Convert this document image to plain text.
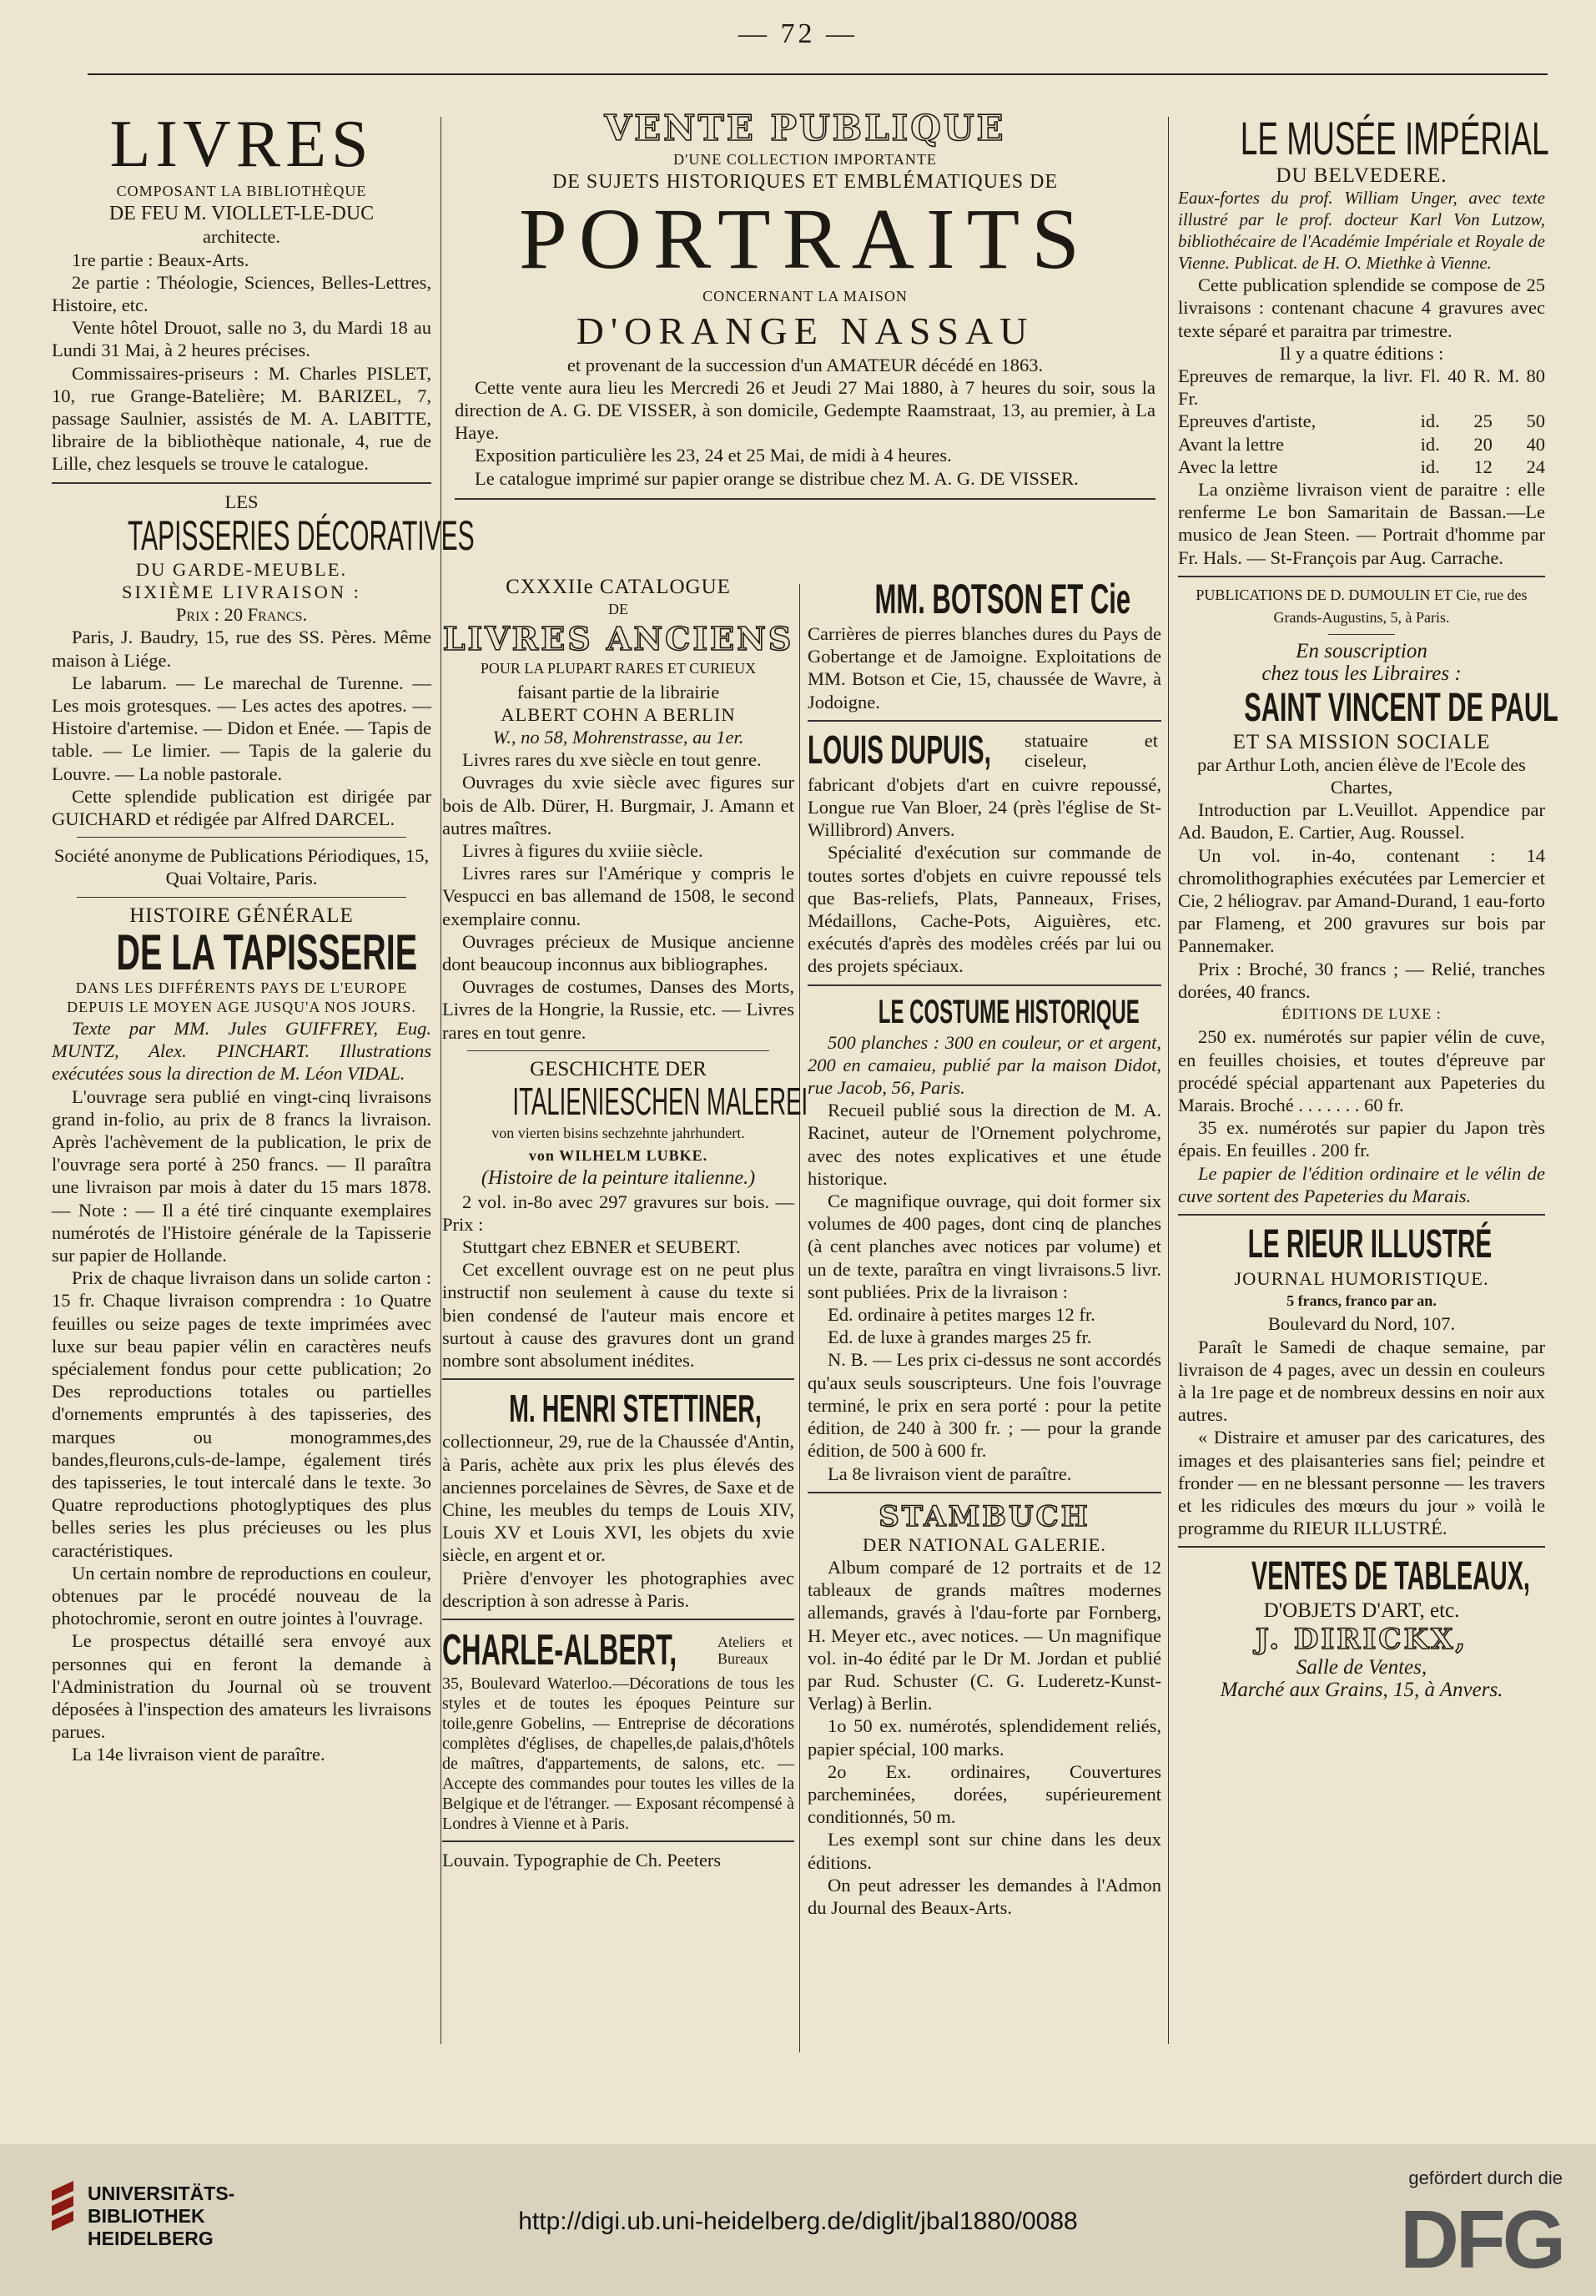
— 72 —
LIVRES
COMPOSANT LA BIBLIOTHÈQUE
DE FEU M. VIOLLET-LE-DUC
architecte.

1re partie : Beaux-Arts.

2e partie : Théologie, Sciences, Belles-Lettres, Histoire, etc.

Vente hôtel Drouot, salle no 3, du Mardi 18 au Lundi 31 Mai, à 2 heures précises.

Commissaires-priseurs : M. Charles PISLET, 10, rue Grange-Batelière; M. BARIZEL, 7, passage Saulnier, assistés de M. A. LABITTE, libraire de la bibliothèque nationale, 4, rue de Lille, chez lesquels se trouve le catalogue.

LES
TAPISSERIES DÉCORATIVES
DU GARDE-MEUBLE.
SIXIÈME LIVRAISON :
Prix : 20 Francs.

Paris, J. Baudry, 15, rue des SS. Pères. Même maison à Liége.

Le labarum. — Le marechal de Turenne. — Les mois grotesques. — Les actes des apotres. — Histoire d'artemise. — Didon et Enée. — Tapis de table. — Le limier. — Tapis de la galerie du Louvre. — La noble pastorale.

Cette splendide publication est dirigée par GUICHARD et rédigée par Alfred DARCEL.

Société anonyme de Publications Périodiques, 15, Quai Voltaire, Paris.

HISTOIRE GÉNÉRALE
DE LA TAPISSERIE
DANS LES DIFFÉRENTS PAYS DE L'EUROPE DEPUIS LE MOYEN AGE JUSQU'A NOS JOURS.

Texte par MM. Jules GUIFFREY, Eug. MUNTZ, Alex. PINCHART. Illustrations exécutées sous la direction de M. Léon VIDAL.

L'ouvrage sera publié en vingt-cinq livraisons grand in-folio, au prix de 8 francs la livraison. Après l'achèvement de la publication, le prix de l'ouvrage sera porté à 250 francs. — Il paraîtra une livraison par mois à dater du 15 mars 1878. — Note : — Il a été tiré cinquante exemplaires numérotés de l'Histoire générale de la Tapisserie sur papier de Hollande.

Prix de chaque livraison dans un solide carton : 15 fr. Chaque livraison comprendra : 1o Quatre feuilles ou seize pages de texte imprimées avec luxe sur beau papier vélin en caractères neufs spécialement fondus pour cette publication; 2o Des reproductions totales ou partielles d'ornements empruntés à des tapisseries, des marques ou monogrammes,des bandes,fleurons,culs-de-lampe, également tirés des tapisseries, le tout intercalé dans le texte. 3o Quatre reproductions photoglyptiques des plus belles series les plus précieuses ou les plus caractéristiques.

Un certain nombre de reproductions en couleur, obtenues par le procédé nouveau de la photochromie, seront en outre jointes à l'ouvrage.

Le prospectus détaillé sera envoyé aux personnes qui en feront la demande à l'Administration du Journal où se trouvent déposées à l'inspection des amateurs les livraisons parues.

La 14e livraison vient de paraître.

VENTE PUBLIQUE
D'UNE COLLECTION IMPORTANTE
DE SUJETS HISTORIQUES ET EMBLÉMATIQUES DE
PORTRAITS
CONCERNANT LA MAISON
D'ORANGE NASSAU
et provenant de la succession d'un AMATEUR décédé en 1863.

Cette vente aura lieu les Mercredi 26 et Jeudi 27 Mai 1880, à 7 heures du soir, sous la direction de A. G. DE VISSER, à son domicile, Gedempte Raamstraat, 13, au premier, à La Haye.

Exposition particulière les 23, 24 et 25 Mai, de midi à 4 heures.

Le catalogue imprimé sur papier orange se distribue chez M. A. G. DE VISSER.

CXXXIIe CATALOGUE
DE
LIVRES ANCIENS
POUR LA PLUPART RARES ET CURIEUX
faisant partie de la librairie
ALBERT COHN A BERLIN
W., no 58, Mohrenstrasse, au 1er.

Livres rares du xve siècle en tout genre.

Ouvrages du xvie siècle avec figures sur bois de Alb. Dürer, H. Burgmair, J. Amann et autres maîtres.

Livres à figures du xviiie siècle.

Livres rares sur l'Amérique y compris le Vespucci en bas allemand de 1508, le second exemplaire connu.

Ouvrages précieux de Musique ancienne dont beaucoup inconnus aux bibliographes.

Ouvrages de costumes, Danses des Morts, Livres de la Hongrie, la Russie, etc. — Livres rares en tout genre.

GESCHICHTE DER
ITALIENIESCHEN MALEREI
von vierten bisins sechzehnte jahrhundert.
von WILHELM LUBKE.
(Histoire de la peinture italienne.)

2 vol. in-8o avec 297 gravures sur bois. — Prix :

Stuttgart chez EBNER et SEUBERT.

Cet excellent ouvrage est on ne peut plus instructif non seulement à cause du texte si bien condensé de l'auteur mais encore et surtout à cause des gravures dont un grand nombre sont absolument inédites.

M. HENRI STETTINER,

collectionneur, 29, rue de la Chaussée d'Antin, à Paris, achète aux prix les plus élevés des anciennes porcelaines de Sèvres, de Saxe et de Chine, les meubles du temps de Louis XIV, Louis XV et Louis XVI, les objets du xvie siècle, en argent et or.

Prière d'envoyer les photographies avec description à son adresse à Paris.

CHARLE-ALBERT,	Ateliers et Bureaux

35, Boulevard Waterloo.—Décorations de tous les styles et de toutes les époques Peinture sur toile,genre Gobelins, — Entreprise de décorations complètes d'églises, de chapelles,de palais,d'hôtels de maîtres, d'appartements, de salons, etc. — Accepte des commandes pour toutes les villes de la Belgique et de l'étranger. — Exposant récompensé à Londres à Vienne et à Paris.

Louvain. Typographie de Ch. Peeters

MM. BOTSON ET Cie

Carrières de pierres blanches dures du Pays de Gobertange et de Jamoigne. Exploitations de MM. Botson et Cie, 15, chaussée de Wavre, à Jodoigne.

LOUIS DUPUIS, statuaire et ciseleur,

fabricant d'objets d'art en cuivre repoussé, Longue rue Van Bloer, 24 (près l'église de St-Willibrord) Anvers.

Spécialité d'exécution sur commande de toutes sortes d'objets en cuivre repoussé tels que Bas-reliefs, Plats, Panneaux, Frises, Médaillons, Cache-Pots, Aiguières, etc. exécutés d'après des modèles créés par lui ou des projets spéciaux.

LE COSTUME HISTORIQUE

500 planches : 300 en couleur, or et argent, 200 en camaieu, publié par la maison Didot, rue Jacob, 56, Paris.

Recueil publié sous la direction de M. A. Racinet, auteur de l'Ornement polychrome, avec des notes explicatives et une étude historique.

Ce magnifique ouvrage, qui doit former six volumes de 400 pages, dont cinq de planches (à cent planches avec notices par volume) et un de texte, paraîtra en vingt livraisons.5 livr. sont publiées. Prix de la livraison :

Ed. ordinaire à petites marges 12 fr.

Ed. de luxe à grandes marges 25 fr.

N. B. — Les prix ci-dessus ne sont accordés qu'aux seuls souscripteurs. Une fois l'ouvrage terminé, le prix en sera porté : pour la petite édition, de 240 à 300 fr. ; — pour la grande édition, de 500 à 600 fr.

La 8e livraison vient de paraître.

STAMBUCH
DER NATIONAL GALERIE.

Album comparé de 12 portraits et de 12 tableaux de grands maîtres modernes allemands, gravés à l'dau-forte par Fornberg, H. Meyer etc., avec notices. — Un magnifique vol. in-4o édité par le Dr M. Jordan et publié par Rud. Schuster (C. G. Luderetz-Kunst-Verlag) à Berlin.

1o 50 ex. numérotés, splendidement reliés, papier spécial, 100 marks.

2o Ex. ordinaires, Couvertures parcheminées, dorées, supérieurement conditionnés, 50 m.

Les exempl sont sur chine dans les deux éditions.

On peut adresser les demandes à l'Admon du Journal des Beaux-Arts.

LE MUSÉE IMPÉRIAL
DU BELVEDERE.

Eaux-fortes du prof. William Unger, avec texte illustré par le prof. docteur Karl Von Lutzow, bibliothécaire de l'Académie Impériale et Royale de Vienne. Publicat. de H. O. Miethke à Vienne.

Cette publication splendide se compose de 25 livraisons : contenant chacune 4 gravures avec texte séparé et paraitra par trimestre.

Il y a quatre éditions :

Epreuves de remarque, la livr. Fl. 40 R. M. 80 Fr.

Epreuves d'artiste,	id. 25 50
Avant la lettre	id. 20 40
Avec la lettre	id. 12 24

La onzième livraison vient de paraitre : elle renferme Le bon Samaritain de Bassan.—Le musico de Jean Steen. — Portrait d'homme par Fr. Hals. — St-François par Aug. Carrache.

PUBLICATIONS DE D. DUMOULIN ET Cie, rue des Grands-Augustins, 5, à Paris.

En souscription
chez tous les Libraires :
SAINT VINCENT DE PAUL
ET SA MISSION SOCIALE

par Arthur Loth, ancien élève de l'Ecole des Chartes,

Introduction par L.Veuillot. Appendice par Ad. Baudon, E. Cartier, Aug. Roussel.

Un vol. in-4o, contenant : 14 chromolithographies exécutées par Lemercier et Cie, 2 héliograv. par Amand-Durand, 1 eau-forto par Flameng, et 200 gravures sur bois par Pannemaker.

Prix : Broché, 30 francs ; — Relié, tranches dorées, 40 francs.

ÉDITIONS DE LUXE :

250 ex. numérotés sur papier vélin de cuve, en feuilles choisies, et toutes d'épreuve par procédé spécial appartenant aux Papeteries du Marais. Broché . . . . . . . 60 fr.

35 ex. numérotés sur papier du Japon très épais. En feuilles . 200 fr.

Le papier de l'édition ordinaire et le vélin de cuve sortent des Papeteries du Marais.

LE RIEUR ILLUSTRÉ
JOURNAL HUMORISTIQUE.
5 francs, franco par an.
Boulevard du Nord, 107.

Paraît le Samedi de chaque semaine, par livraison de 4 pages, avec un dessin en couleurs à la 1re page et de nombreux dessins en noir aux autres.

« Distraire et amuser par des caricatures, des images et des plaisanteries sans fiel; peindre et fronder — en ne blessant personne — les travers et les ridicules des mœurs du jour » voilà le programme du RIEUR ILLUSTRÉ.

VENTES DE TABLEAUX,
D'OBJETS D'ART, etc.
J. DIRICKX,
Salle de Ventes,
Marché aux Grains, 15, à Anvers.
UNIVERSITÄTS-
BIBLIOTHEK
HEIDELBERG
http://digi.ub.uni-heidelberg.de/diglit/jbal1880/0088
gefördert durch die
DFG
